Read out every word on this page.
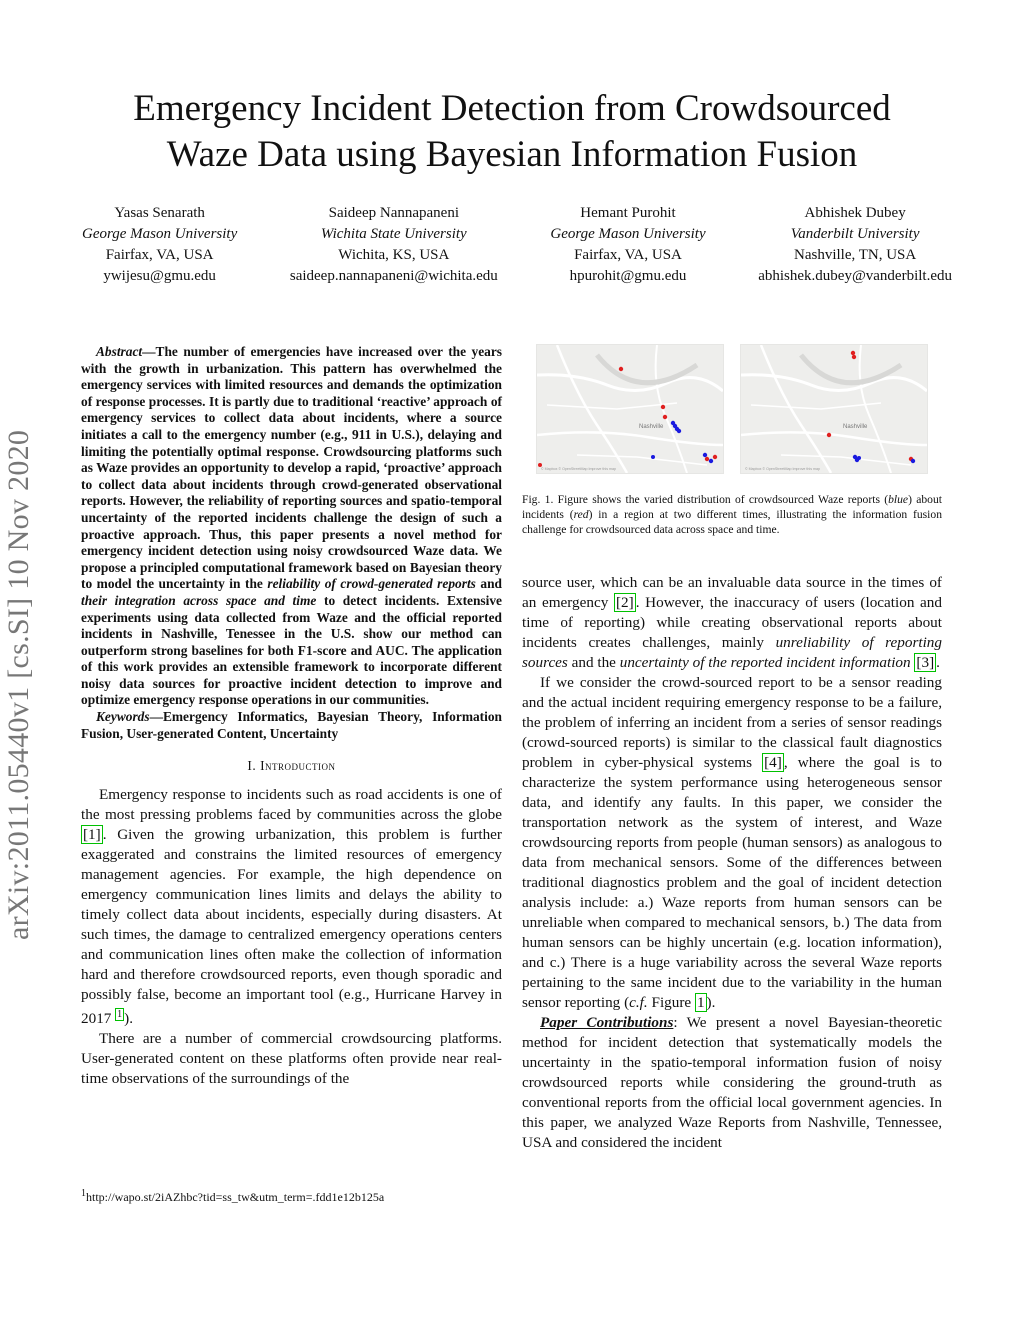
Emergency Incident Detection from Crowdsourced
Waze Data using Bayesian Information Fusion
Yasas Senarath
George Mason University
Fairfax, VA, USA
ywijesu@gmu.edu
Saideep Nannapaneni
Wichita State University
Wichita, KS, USA
saideep.nannapaneni@wichita.edu
Hemant Purohit
George Mason University
Fairfax, VA, USA
hpurohit@gmu.edu
Abhishek Dubey
Vanderbilt University
Nashville, TN, USA
abhishek.dubey@vanderbilt.edu
arXiv:2011.05440v1 [cs.SI] 10 Nov 2020

Abstract—The number of emergencies have increased over the years with the growth in urbanization. This pattern has overwhelmed the emergency services with limited resources and demands the optimization of response processes. It is partly due to traditional ‘reactive’ approach of emergency services to collect data about incidents, where a source initiates a call to the emergency number (e.g., 911 in U.S.), delaying and limiting the potentially optimal response. Crowdsourcing platforms such as Waze provides an opportunity to develop a rapid, ‘proactive’ approach to collect data about incidents through crowd-generated observational reports. However, the reliability of reporting sources and spatio-temporal uncertainty of the reported incidents challenge the design of such a proactive approach. Thus, this paper presents a novel method for emergency incident detection using noisy crowdsourced Waze data. We propose a principled computational framework based on Bayesian theory to model the uncertainty in the reliability of crowd-generated reports and their integration across space and time to detect incidents. Extensive experiments using data collected from Waze and the official reported incidents in Nashville, Tenessee in the U.S. show our method can outperform strong baselines for both F1-score and AUC. The application of this work provides an extensible framework to incorporate different noisy data sources for proactive incident detection to improve and optimize emergency response operations in our communities.

Keywords—Emergency Informatics, Bayesian Theory, Information Fusion, User-generated Content, Uncertainty

I. Introduction

Emergency response to incidents such as road accidents is one of the most pressing problems faced by communities across the globe [1] . Given the growing urbanization, this problem is further exaggerated and constrains the limited resources of emergency management agencies. For example, the high dependence on emergency communication lines limits and delays the ability to timely collect data about incidents, especially during disasters. At such times, the damage to centralized emergency operations centers and communication lines often make the collection of information hard and therefore crowdsourced reports, even though sporadic and possibly false, become an important tool (e.g., Hurricane Harvey in 2017 $^1$ ).

There are a number of commercial crowdsourcing platforms. User-generated content on these platforms often provide near real-time observations of the surroundings of the

$^1$http://wapo.st/2iAZhbc?tid=ss_tw&utm_term=.fdd1e12b125a
Nashville
© Mapbox © OpenStreetMap Improve this map
Nashville
© Mapbox © OpenStreetMap Improve this map
Fig. 1. Figure shows the varied distribution of crowdsourced Waze reports (blue) about incidents (red) in a region at two different times, illustrating the information fusion challenge for crowdsourced data across space and time.

source user, which can be an invaluable data source in the times of an emergency [2] . However, the inaccuracy of users (location and time of reporting) while creating observational reports about incidents creates challenges, mainly unreliability of reporting sources and the uncertainty of the reported incident information [3] .

If we consider the crowd-sourced report to be a sensor reading and the actual incident requiring emergency response to be a failure, the problem of inferring an incident from a series of sensor readings (crowd-sourced reports) is similar to the classical fault diagnostics problem in cyber-physical systems [4] , where the goal is to characterize the system performance using heterogeneous sensor data, and identify any faults. In this paper, we consider the transportation network as the system of interest, and Waze crowdsourcing reports from people (human sensors) as analogous to data from mechanical sensors. Some of the differences between traditional diagnostics problem and the goal of incident detection analysis include: a.) Waze reports from human sensors can be unreliable when compared to mechanical sensors, b.) The data from human sensors can be highly uncertain (e.g. location information), and c.) There is a huge variability across the several Waze reports pertaining to the same incident due to the variability in the human sensor reporting (c.f. Figure 1 ).

Paper Contributions: We present a novel Bayesian-theoretic method for incident detection that systematically models the uncertainty in the spatio-temporal information fusion of noisy crowdsourced reports while considering the ground-truth as conventional reports from the official local government agencies. In this paper, we analyzed Waze Reports from Nashville, Tennessee, USA and considered the incident
